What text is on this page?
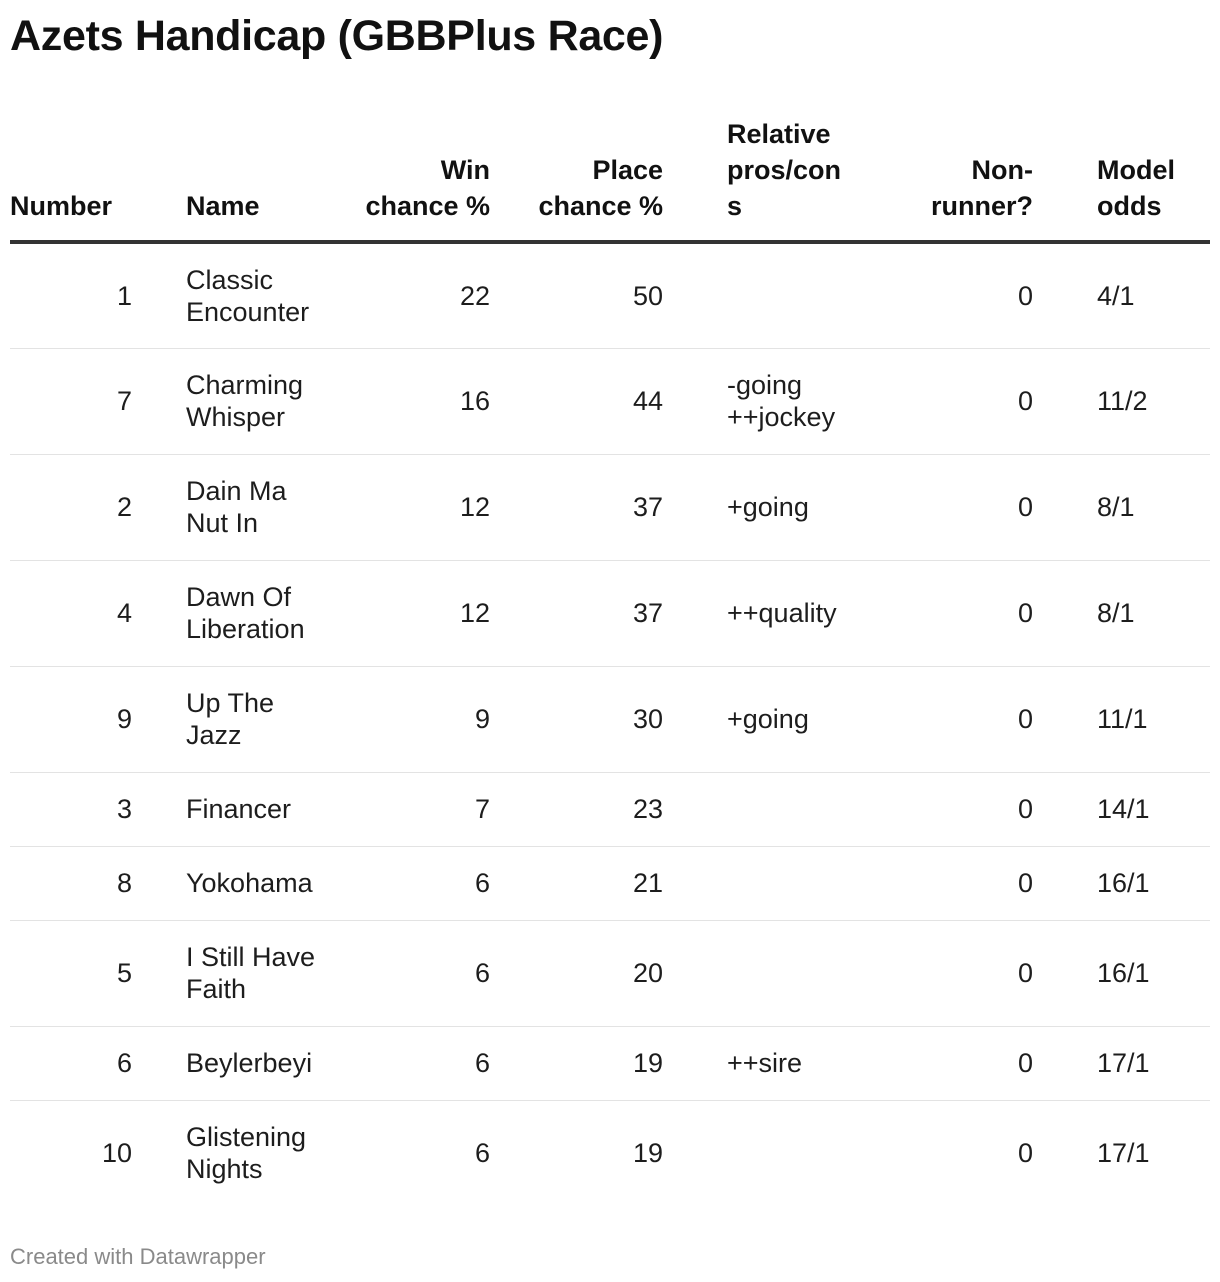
Azets Handicap (GBBPlus Race)
Number	Name	Win chance %	Place chance %	Relative pros/cons	Non-runner?	Model odds
1	Classic Encounter	22	50		0	4/1
7	Charming Whisper	16	44	-going ++jockey	0	11/2
2	Dain Ma Nut In	12	37	+going	0	8/1
4	Dawn Of Liberation	12	37	++quality	0	8/1
9	Up The Jazz	9	30	+going	0	11/1
3	Financer	7	23		0	14/1
8	Yokohama	6	21		0	16/1
5	I Still Have Faith	6	20		0	16/1
6	Beylerbeyi	6	19	++sire	0	17/1
10	Glistening Nights	6	19		0	17/1
Created with Datawrapper
